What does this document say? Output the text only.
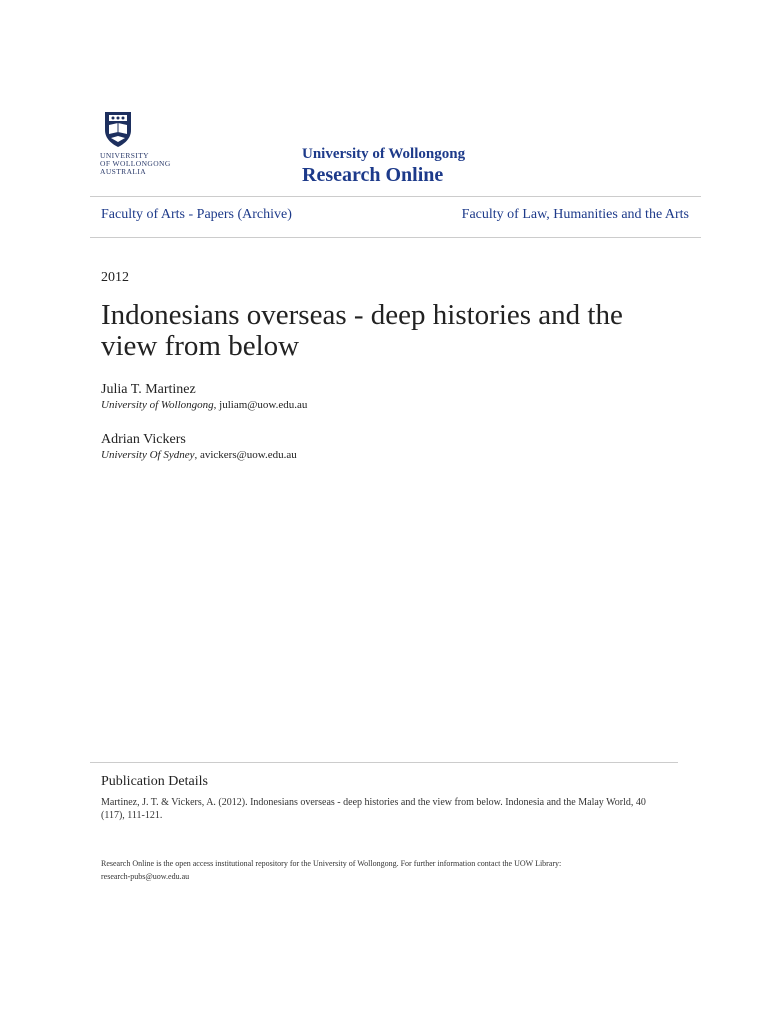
UNIVERSITY
OF WOLLONGONG
AUSTRALIA
University of Wollongong
Research Online
Faculty of Arts - Papers (Archive)	Faculty of Law, Humanities and the Arts
2012
Indonesians overseas - deep histories and the view from below
Julia T. Martinez
University of Wollongong, juliam@uow.edu.au
Adrian Vickers
University Of Sydney, avickers@uow.edu.au
Publication Details
Martinez, J. T. & Vickers, A. (2012). Indonesians overseas - deep histories and the view from below. Indonesia and the Malay World, 40 (117), 111-121.
Research Online is the open access institutional repository for the University of Wollongong. For further information contact the UOW Library:
research-pubs@uow.edu.au
